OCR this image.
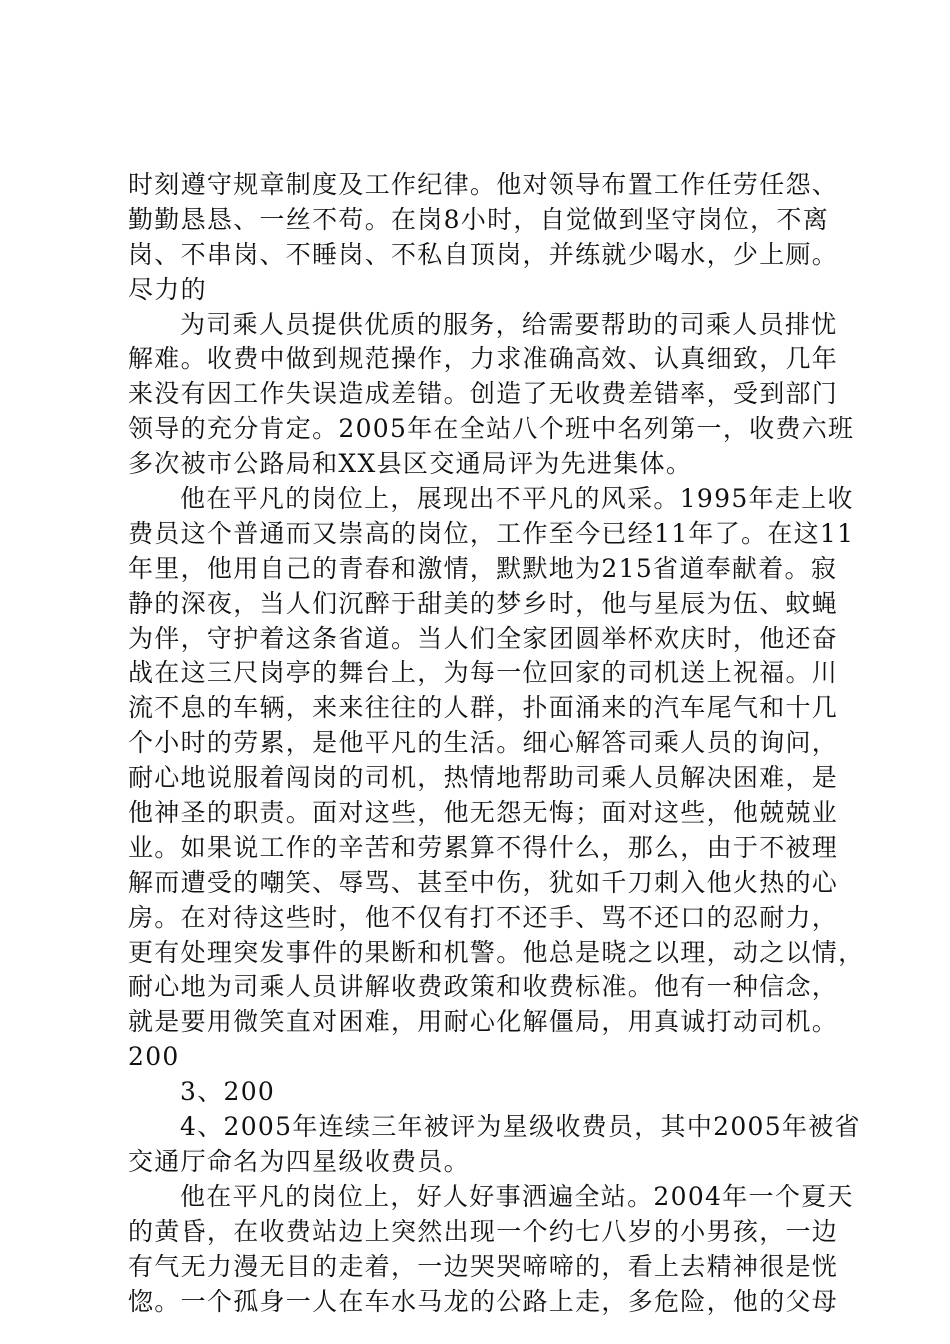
时刻遵守规章制度及工作纪律。他对领导布置工作任劳任怨、
勤勤恳恳、一丝不苟。在岗8小时，自觉做到坚守岗位，不离
岗、不串岗、不睡岗、不私自顶岗，并练就少喝水，少上厕。
尽力的
为司乘人员提供优质的服务，给需要帮助的司乘人员排忧
解难。收费中做到规范操作，力求准确高效、认真细致，几年
来没有因工作失误造成差错。创造了无收费差错率，受到部门
领导的充分肯定。2005年在全站八个班中名列第一，收费六班
多次被市公路局和XX县区交通局评为先进集体。
他在平凡的岗位上，展现出不平凡的风采。1995年走上收
费员这个普通而又崇高的岗位，工作至今已经11年了。在这11
年里，他用自己的青春和激情，默默地为215省道奉献着。寂
静的深夜，当人们沉醉于甜美的梦乡时，他与星辰为伍、蚊蝇
为伴，守护着这条省道。当人们全家团圆举杯欢庆时，他还奋
战在这三尺岗亭的舞台上，为每一位回家的司机送上祝福。川
流不息的车辆，来来往往的人群，扑面涌来的汽车尾气和十几
个小时的劳累，是他平凡的生活。细心解答司乘人员的询问，
耐心地说服着闯岗的司机，热情地帮助司乘人员解决困难，是
他神圣的职责。面对这些，他无怨无悔；面对这些，他兢兢业
业。如果说工作的辛苦和劳累算不得什么，那么，由于不被理
解而遭受的嘲笑、辱骂、甚至中伤，犹如千刀刺入他火热的心
房。在对待这些时，他不仅有打不还手、骂不还口的忍耐力，
更有处理突发事件的果断和机警。他总是晓之以理，动之以情，
耐心地为司乘人员讲解收费政策和收费标准。他有一种信念，
就是要用微笑直对困难，用耐心化解僵局，用真诚打动司机。
200
3、200
4、2005年连续三年被评为星级收费员，其中2005年被省
交通厅命名为四星级收费员。
他在平凡的岗位上，好人好事洒遍全站。2004年一个夏天
的黄昏，在收费站边上突然出现一个约七八岁的小男孩，一边
有气无力漫无目的走着，一边哭哭啼啼的，看上去精神很是恍
惚。一个孤身一人在车水马龙的公路上走，多危险，他的父母
